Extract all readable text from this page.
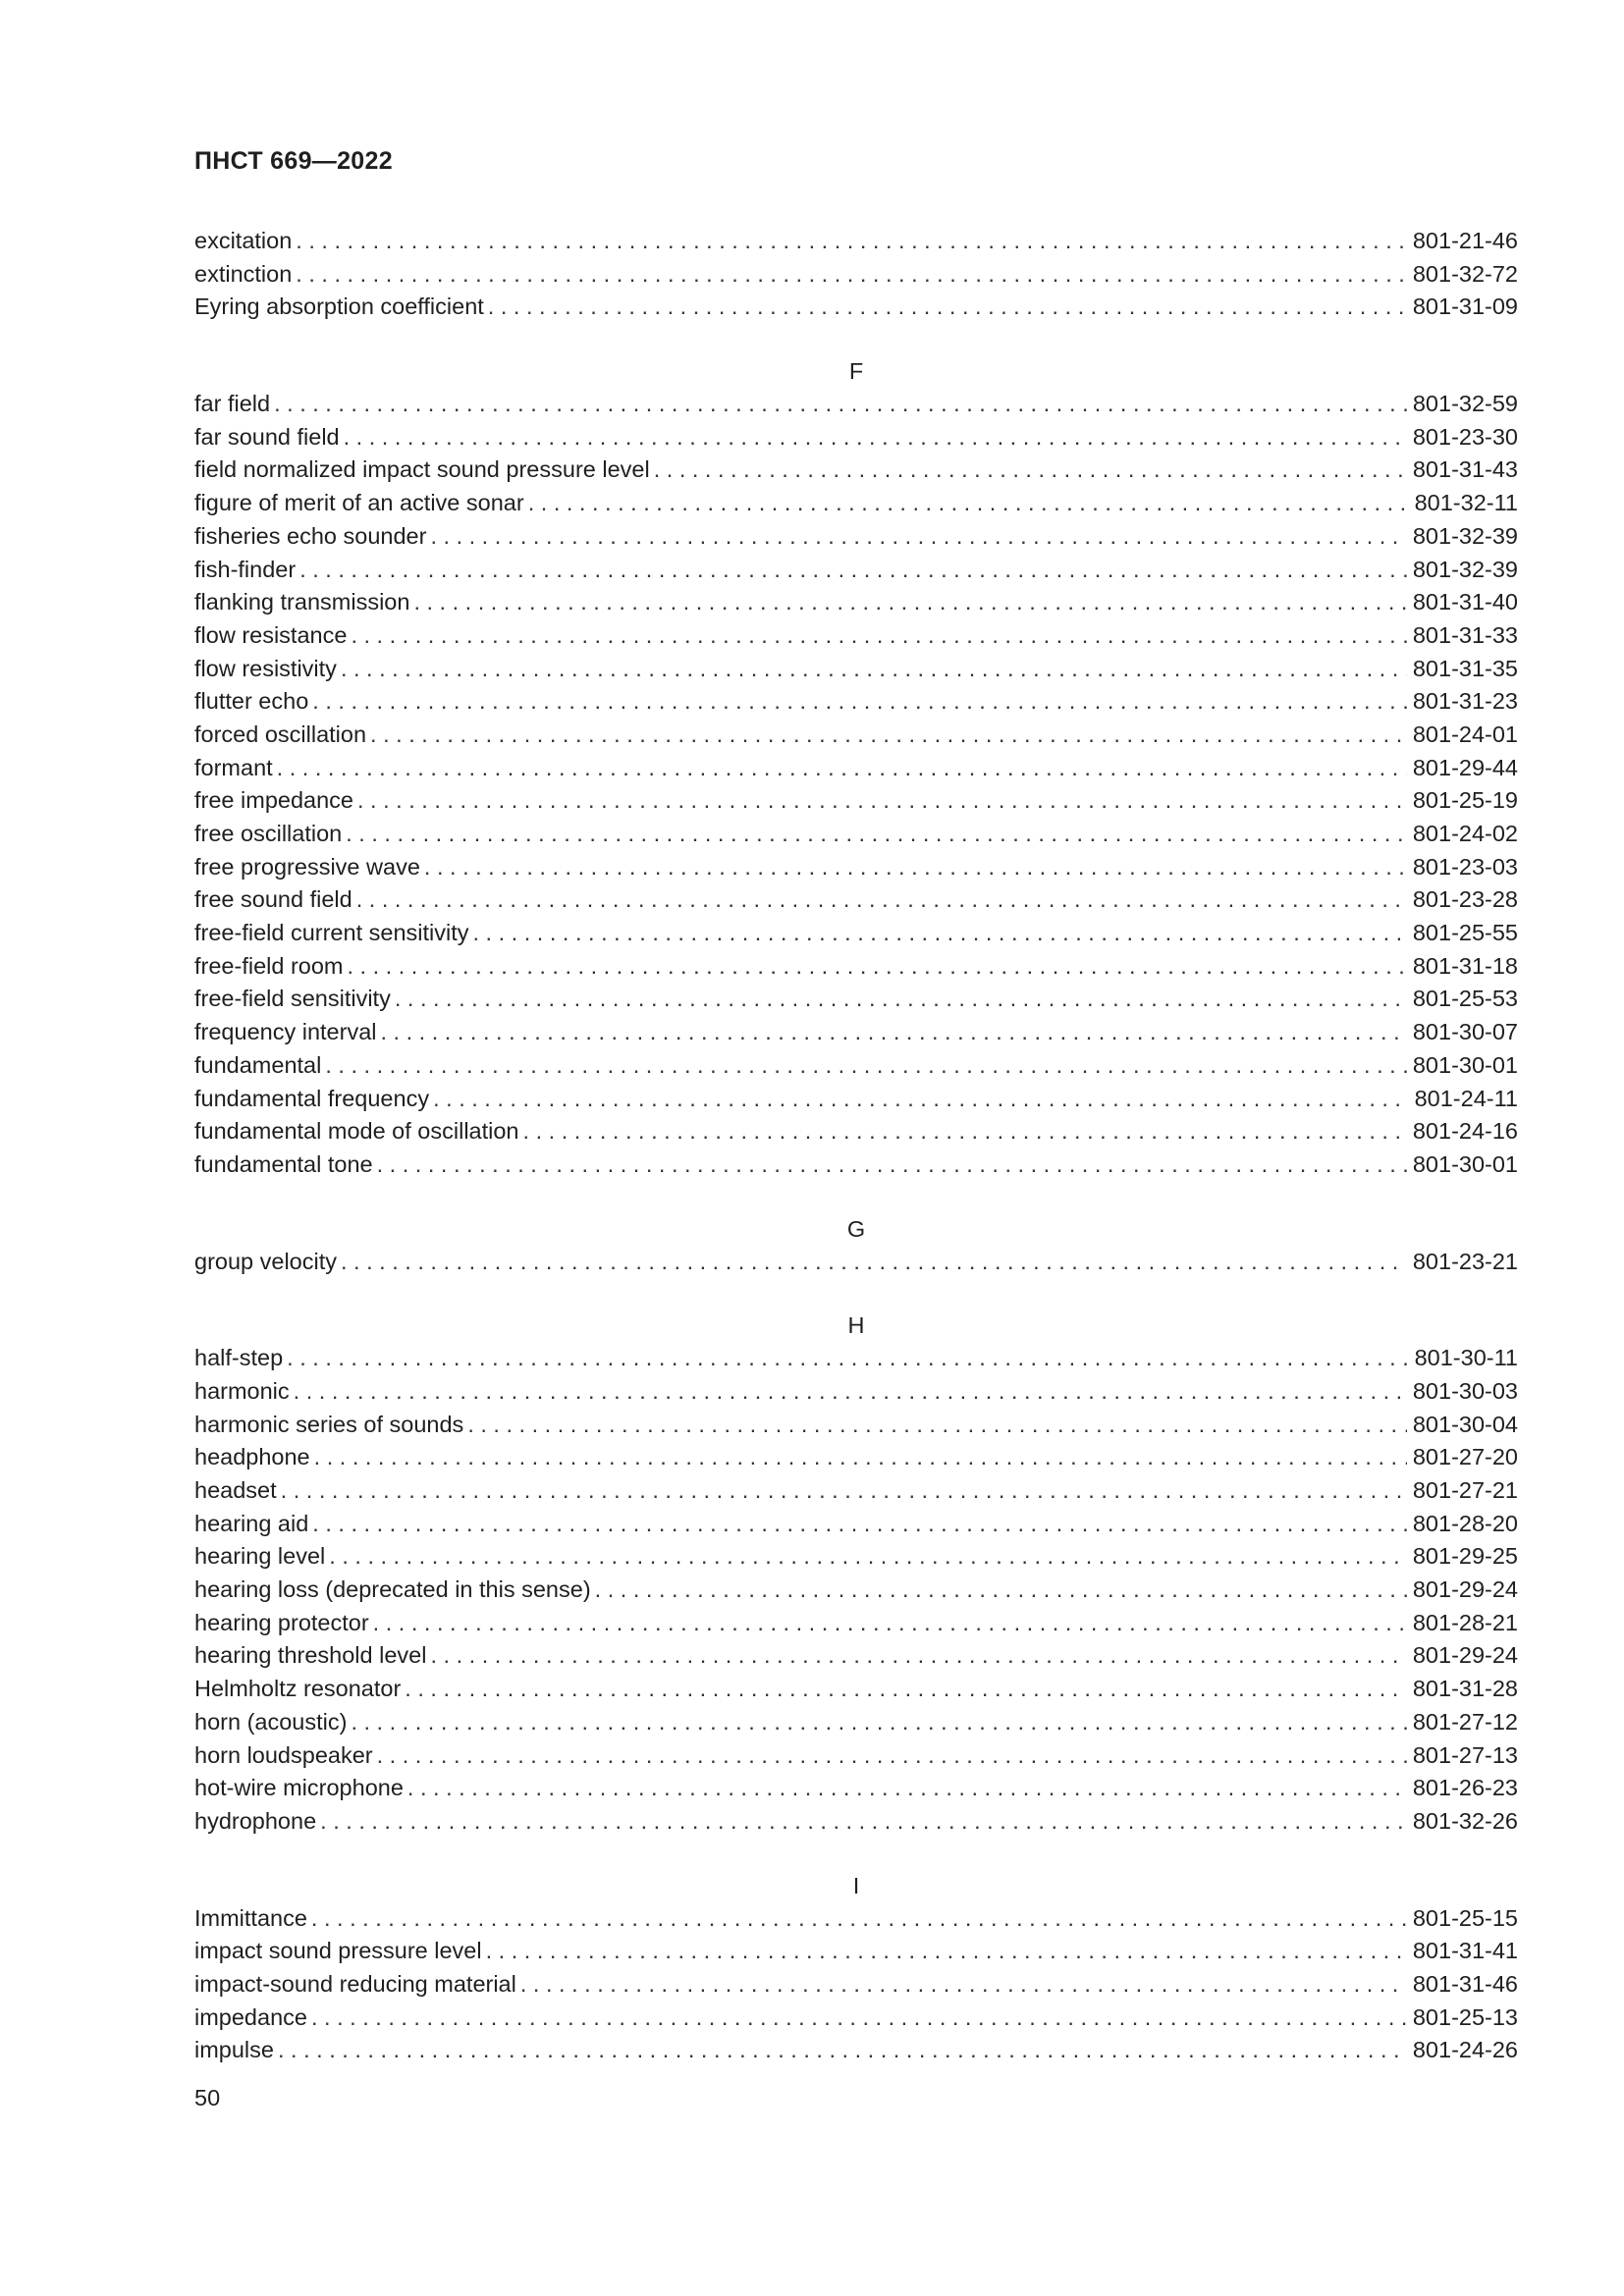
ПНСТ 669—2022
excitation . . .	801-21-46
extinction . . .	801-32-72
Eyring absorption coefficient . . .	801-31-09
F
far field . . .	801-32-59
far sound field . . .	801-23-30
field normalized impact sound pressure level . . .	801-31-43
figure of merit of an active sonar . . .	801-32-11
fisheries echo sounder . . .	801-32-39
fish-finder . . .	801-32-39
flanking transmission . . .	801-31-40
flow resistance . . .	801-31-33
flow resistivity . . .	801-31-35
flutter echo . . .	801-31-23
forced oscillation . . .	801-24-01
formant . . .	801-29-44
free impedance . . .	801-25-19
free oscillation . . .	801-24-02
free progressive wave . . .	801-23-03
free sound field . . .	801-23-28
free-field current sensitivity . . .	801-25-55
free-field room . . .	801-31-18
free-field sensitivity . . .	801-25-53
frequency interval . . .	801-30-07
fundamental . . .	801-30-01
fundamental frequency . . .	801-24-11
fundamental mode of oscillation . . .	801-24-16
fundamental tone . . .	801-30-01
G
group velocity . . .	801-23-21
H
half-step . . .	801-30-11
harmonic . . .	801-30-03
harmonic series of sounds . . .	801-30-04
headphone . . .	801-27-20
headset . . .	801-27-21
hearing aid . . .	801-28-20
hearing level . . .	801-29-25
hearing loss (deprecated in this sense) . . .	801-29-24
hearing protector . . .	801-28-21
hearing threshold level . . .	801-29-24
Helmholtz resonator . . .	801-31-28
horn (acoustic) . . .	801-27-12
horn loudspeaker . . .	801-27-13
hot-wire microphone . . .	801-26-23
hydrophone . . .	801-32-26
I
Immittance . . .	801-25-15
impact sound pressure level . . .	801-31-41
impact-sound reducing material . . .	801-31-46
impedance . . .	801-25-13
impulse . . .	801-24-26
50
